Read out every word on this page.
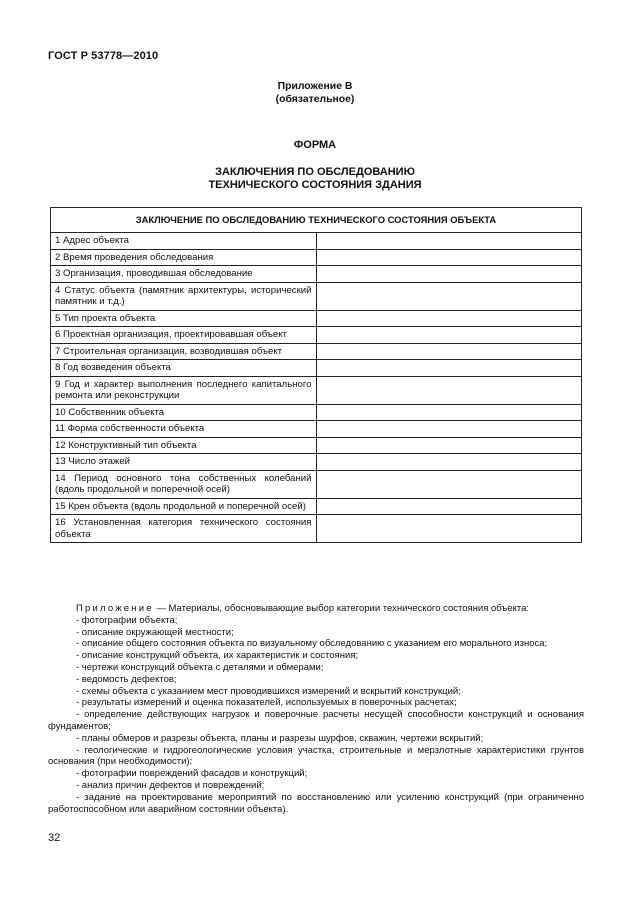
ГОСТ Р 53778—2010
Приложение В
(обязательное)
ФОРМА
ЗАКЛЮЧЕНИЯ ПО ОБСЛЕДОВАНИЮ
ТЕХНИЧЕСКОГО СОСТОЯНИЯ ЗДАНИЯ
ЗАКЛЮЧЕНИЕ ПО ОБСЛЕДОВАНИЮ ТЕХНИЧЕСКОГО СОСТОЯНИЯ ОБЪЕКТА	
1 Адрес объекта	
2 Время проведения обследования	
3 Организация, проводившая обследование	
4 Статус объекта (памятник архитектуры, исторический памятник и т.д.)	
5 Тип проекта объекта	
6 Проектная организация, проектировавшая объект	
7 Строительная организация, возводившая объект	
8 Год возведения объекта	
9 Год и характер выполнения последнего капитального ремонта или реконструкции	
10 Собственник объекта	
11 Форма собственности объекта	
12 Конструктивный тип объекта	
13 Число этажей	
14 Период основного тона собственных колебаний (вдоль продольной и поперечной осей)	
15 Крен объекта (вдоль продольной и поперечной осей)	
16 Установленная категория технического состояния объекта	

Приложение — Материалы, обосновывающие выбор категории технического состояния объекта:

- фотографии объекта;

- описание окружающей местности;

- описание общего состояния объекта по визуальному обследованию с указанием его морального износа;

- описание конструкций объекта, их характеристик и состояния;

- чертежи конструкций объекта с деталями и обмерами;

- ведомость дефектов;

- схемы объекта с указанием мест проводившихся измерений и вскрытий конструкций;

- результаты измерений и оценка показателей, используемых в поверочных расчетах;

- определение действующих нагрузок и поверочные расчеты несущей способности конструкций и основания фундаментов;

- планы обмеров и разрезы объекта, планы и разрезы шурфов, скважин, чертежи вскрытий;

- геологические и гидрогеологические условия участка, строительные и мерзлотные характеристики грунтов основания (при необходимости);

- фотографии повреждений фасадов и конструкций;

- анализ причин дефектов и повреждений;

- задание на проектирование мероприятий по восстановлению или усилению конструкций (при ограниченно работоспособном или аварийном состоянии объекта).

32
